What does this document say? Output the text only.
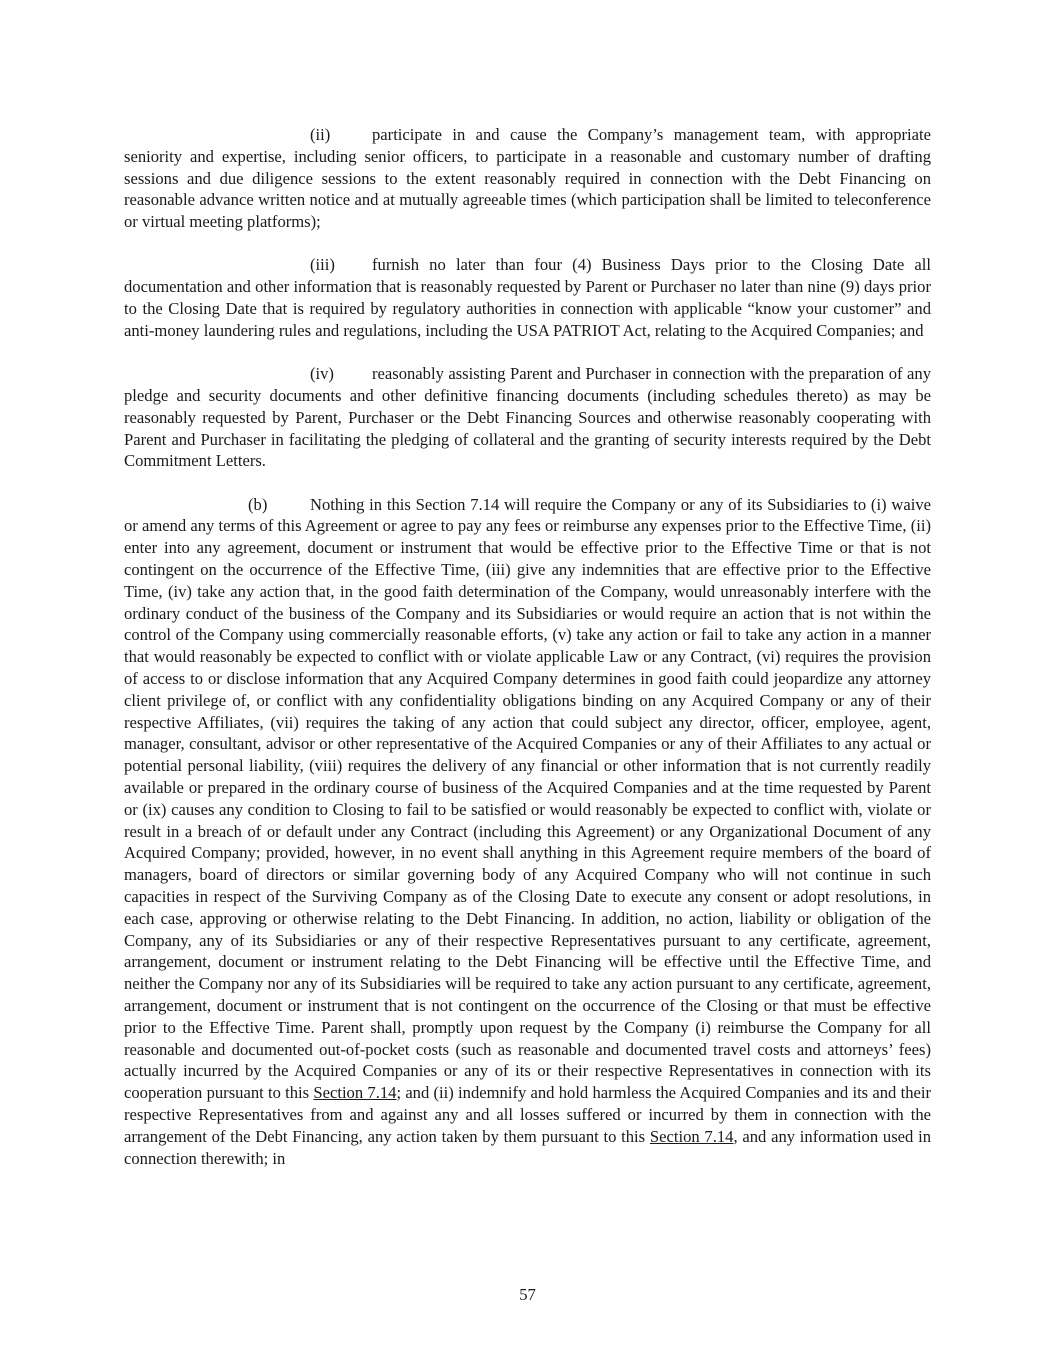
(ii)	participate in and cause the Company’s management team, with appropriate seniority and expertise, including senior officers, to participate in a reasonable and customary number of drafting sessions and due diligence sessions to the extent reasonably required in connection with the Debt Financing on reasonable advance written notice and at mutually agreeable times (which participation shall be limited to teleconference or virtual meeting platforms);

(iii) furnish no later than four (4) Business Days prior to the Closing Date all documentation and other information that is reasonably requested by Parent or Purchaser no later than nine (9) days prior to the Closing Date that is required by regulatory authorities in connection with applicable “know your customer” and anti-money laundering rules and regulations, including the USA PATRIOT Act, relating to the Acquired Companies; and

(iv) reasonably assisting Parent and Purchaser in connection with the preparation of any pledge and security documents and other definitive financing documents (including schedules thereto) as may be reasonably requested by Parent, Purchaser or the Debt Financing Sources and otherwise reasonably cooperating with Parent and Purchaser in facilitating the pledging of collateral and the granting of security interests required by the Debt Commitment Letters.

(b)	Nothing in this Section 7.14 will require the Company or any of its Subsidiaries to (i) waive or amend any terms of this Agreement or agree to pay any fees or reimburse any expenses prior to the Effective Time, (ii) enter into any agreement, document or instrument that would be effective prior to the Effective Time or that is not contingent on the occurrence of the Effective Time, (iii) give any indemnities that are effective prior to the Effective Time, (iv) take any action that, in the good faith determination of the Company, would unreasonably interfere with the ordinary conduct of the business of the Company and its Subsidiaries or would require an action that is not within the control of the Company using commercially reasonable efforts, (v) take any action or fail to take any action in a manner that would reasonably be expected to conflict with or violate applicable Law or any Contract, (vi) requires the provision of access to or disclose information that any Acquired Company determines in good faith could jeopardize any attorney client privilege of, or conflict with any confidentiality obligations binding on any Acquired Company or any of their respective Affiliates, (vii) requires the taking of any action that could subject any director, officer, employee, agent, manager, consultant, advisor or other representative of the Acquired Companies or any of their Affiliates to any actual or potential personal liability, (viii) requires the delivery of any financial or other information that is not currently readily available or prepared in the ordinary course of business of the Acquired Companies and at the time requested by Parent or (ix) causes any condition to Closing to fail to be satisfied or would reasonably be expected to conflict with, violate or result in a breach of or default under any Contract (including this Agreement) or any Organizational Document of any Acquired Company; provided, however, in no event shall anything in this Agreement require members of the board of managers, board of directors or similar governing body of any Acquired Company who will not continue in such capacities in respect of the Surviving Company as of the Closing Date to execute any consent or adopt resolutions, in each case, approving or otherwise relating to the Debt Financing. In addition, no action, liability or obligation of the Company, any of its Subsidiaries or any of their respective Representatives pursuant to any certificate, agreement, arrangement, document or instrument relating to the Debt Financing will be effective until the Effective Time, and neither the Company nor any of its Subsidiaries will be required to take any action pursuant to any certificate, agreement, arrangement, document or instrument that is not contingent on the occurrence of the Closing or that must be effective prior to the Effective Time. Parent shall, promptly upon request by the Company (i) reimburse the Company for all reasonable and documented out-of-pocket costs (such as reasonable and documented travel costs and attorneys’ fees) actually incurred by the Acquired Companies or any of its or their respective Representatives in connection with its cooperation pursuant to this Section 7.14; and (ii) indemnify and hold harmless the Acquired Companies and its and their respective Representatives from and against any and all losses suffered or incurred by them in connection with the arrangement of the Debt Financing, any action taken by them pursuant to this Section 7.14, and any information used in connection therewith; in

57
